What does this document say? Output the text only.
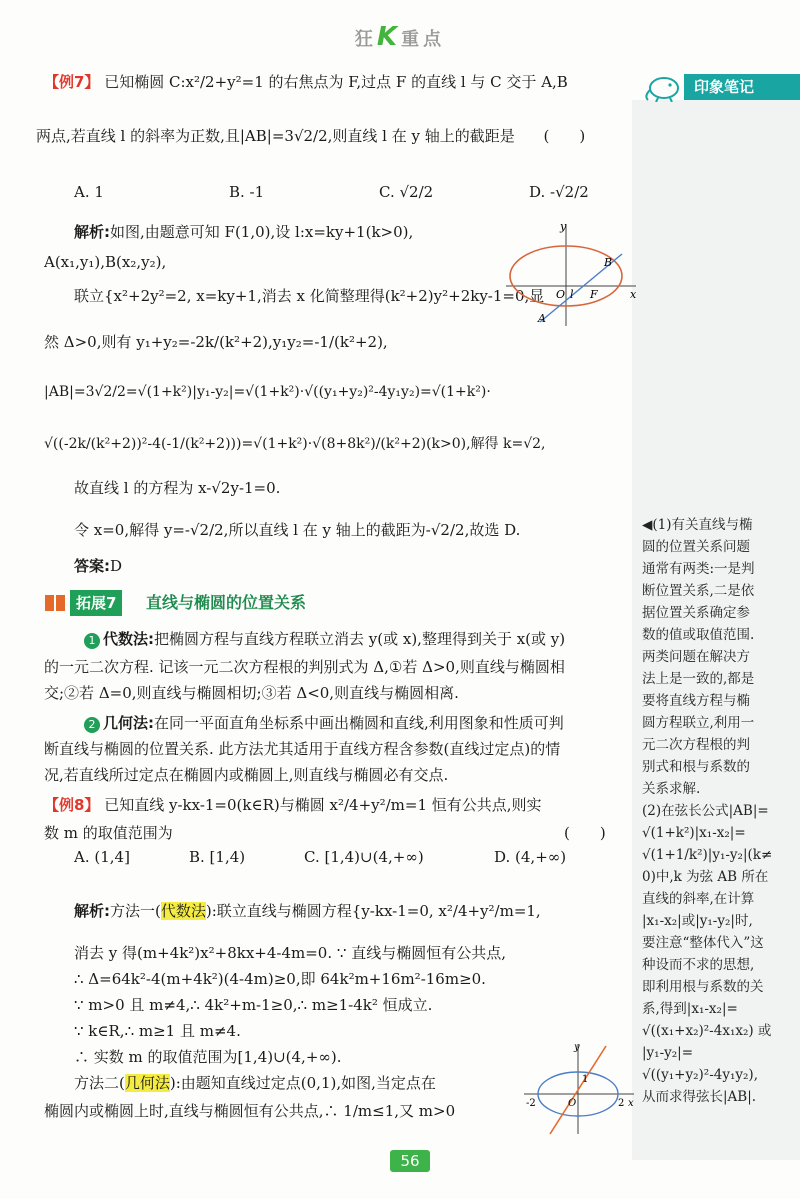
狂K重点
印象笔记
【例7】 已知椭圆 C:x²/2+y²=1 的右焦点为 F,过点 F 的直线 l 与 C 交于 A,B
两点,若直线 l 的斜率为正数,且|AB|=3√2/2,则直线 l 在 y 轴上的截距是 (　　)
A. 1	B. -1	C. √2/2	D. -√2/2
解析:如图,由题意可知 F(1,0),设 l:x=ky+1(k>0),
A(x₁,y₁),B(x₂,y₂),
联立{x²+2y²=2, x=ky+1,消去 x 化简整理得(k²+2)y²+2ky-1=0,显
然 Δ>0,则有 y₁+y₂=-2k/(k²+2),y₁y₂=-1/(k²+2),
|AB|=3√2/2=√(1+k²)|y₁-y₂|=√(1+k²)·√((y₁+y₂)²-4y₁y₂)=√(1+k²)·
√((-2k/(k²+2))²-4(-1/(k²+2)))=√(1+k²)·√(8+8k²)/(k²+2)(k>0),解得 k=√2,
故直线 l 的方程为 x-√2y-1=0.
令 x=0,解得 y=-√2/2,所以直线 l 在 y 轴上的截距为-√2/2,故选 D.
答案:D
y
x
O l F
A
B
拓展7	直线与椭圆的位置关系
1 代数法:把椭圆方程与直线方程联立消去 y(或 x),整理得到关于 x(或 y)
的一元二次方程. 记该一元二次方程根的判别式为 Δ,①若 Δ>0,则直线与椭圆相
交;②若 Δ=0,则直线与椭圆相切;③若 Δ<0,则直线与椭圆相离.
2 几何法:在同一平面直角坐标系中画出椭圆和直线,利用图象和性质可判
断直线与椭圆的位置关系. 此方法尤其适用于直线方程含参数(直线过定点)的情
况,若直线所过定点在椭圆内或椭圆上,则直线与椭圆必有交点.
【例8】 已知直线 y-kx-1=0(k∈R)与椭圆 x²/4+y²/m=1 恒有公共点,则实
数 m 的取值范围为	(　　)
A. (1,4]	B. [1,4)	C. [1,4)∪(4,+∞)	D. (4,+∞)
解析:方法一(代数法):联立直线与椭圆方程{y-kx-1=0, x²/4+y²/m=1,
消去 y 得(m+4k²)x²+8kx+4-4m=0. ∵ 直线与椭圆恒有公共点,
∴ Δ=64k²-4(m+4k²)(4-4m)≥0,即 64k²m+16m²-16m≥0.
∵ m>0 且 m≠4,∴ 4k²+m-1≥0,∴ m≥1-4k² 恒成立.
∵ k∈R,∴ m≥1 且 m≠4.
∴ 实数 m 的取值范围为[1,4)∪(4,+∞).
方法二(几何法):由题知直线过定点(0,1),如图,当定点在
椭圆内或椭圆上时,直线与椭圆恒有公共点,∴ 1/m≤1,又 m>0
y
x
O
-2	2
1
◀(1)有关直线与椭
圆的位置关系问题
通常有两类:一是判
断位置关系,二是依
据位置关系确定参
数的值或取值范围.
两类问题在解决方
法上是一致的,都是
要将直线方程与椭
圆方程联立,利用一
元二次方程根的判
别式和根与系数的
关系求解.
(2)在弦长公式|AB|=
√(1+k²)|x₁-x₂|=
√(1+1/k²)|y₁-y₂|(k≠
0)中,k 为弦 AB 所在
直线的斜率,在计算
|x₁-x₂|或|y₁-y₂|时,
要注意“整体代入”这
种设而不求的思想,
即利用根与系数的关
系,得到|x₁-x₂|=
√((x₁+x₂)²-4x₁x₂) 或
|y₁-y₂|=
√((y₁+y₂)²-4y₁y₂),
从而求得弦长|AB|.
56
